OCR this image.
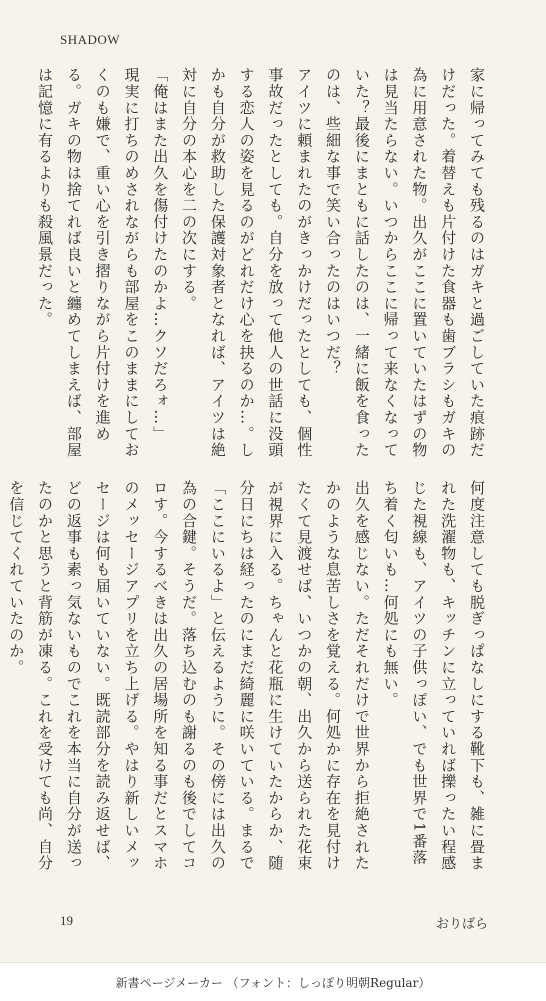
SHADOW

家に帰ってみても残るのはガキと過ごしていた痕跡だけだった。着替えも片付けた食器も歯ブラシもガキの為に用意された物。出久がここに置いていたはずの物は見当たらない。いつからここに帰って来なくなっていた？最後にまともに話したのは、一緒に飯を食ったのは、些細な事で笑い合ったのはいつだ？

アイツに頼まれたのがきっかけだったとしても、個性事故だったとしても。自分を放って他人の世話に没頭する恋人の姿を見るのがどれだけ心を抉るのか…。しかも自分が救助した保護対象者となれば、アイツは絶対に自分の本心を二の次にする。

「俺はまた出久を傷付けたのかよ…クソだろォ…」

現実に打ちのめされながらも部屋をこのままにしておくのも嫌で、重い心を引き摺りながら片付けを進める。ガキの物は捨てれば良いと纏めてしまえば、部屋は記憶に有るよりも殺風景だった。

何度注意しても脱ぎっぱなしにする靴下も、雑に畳まれた洗濯物も、キッチンに立っていれば擽ったい程感じた視線も、アイツの子供っぽい、でも世界で1番落ち着く匂いも…何処にも無い。

出久を感じない。ただそれだけで世界から拒絶されたかのような息苦しさを覚える。何処かに存在を見付けたくて見渡せば、いつかの朝、出久から送られた花束が視界に入る。ちゃんと花瓶に生けていたからか、随分日にちは経ったのにまだ綺麗に咲いている。まるで「ここにいるよ」と伝えるように。その傍には出久の為の合鍵。そうだ。落ち込むのも謝るのも後でしてコロす。今するべきは出久の居場所を知る事だとスマホのメッセージアプリを立ち上げる。やはり新しいメッセージは何も届いていない。既読部分を読み返せば、どの返事も素っ気ないものでこれを本当に自分が送ったのかと思うと背筋が凍る。これを受けても尚、自分を信じてくれていたのか。

19	おりばら
新書ページメーカー （フォント：しっぽり明朝Regular）
